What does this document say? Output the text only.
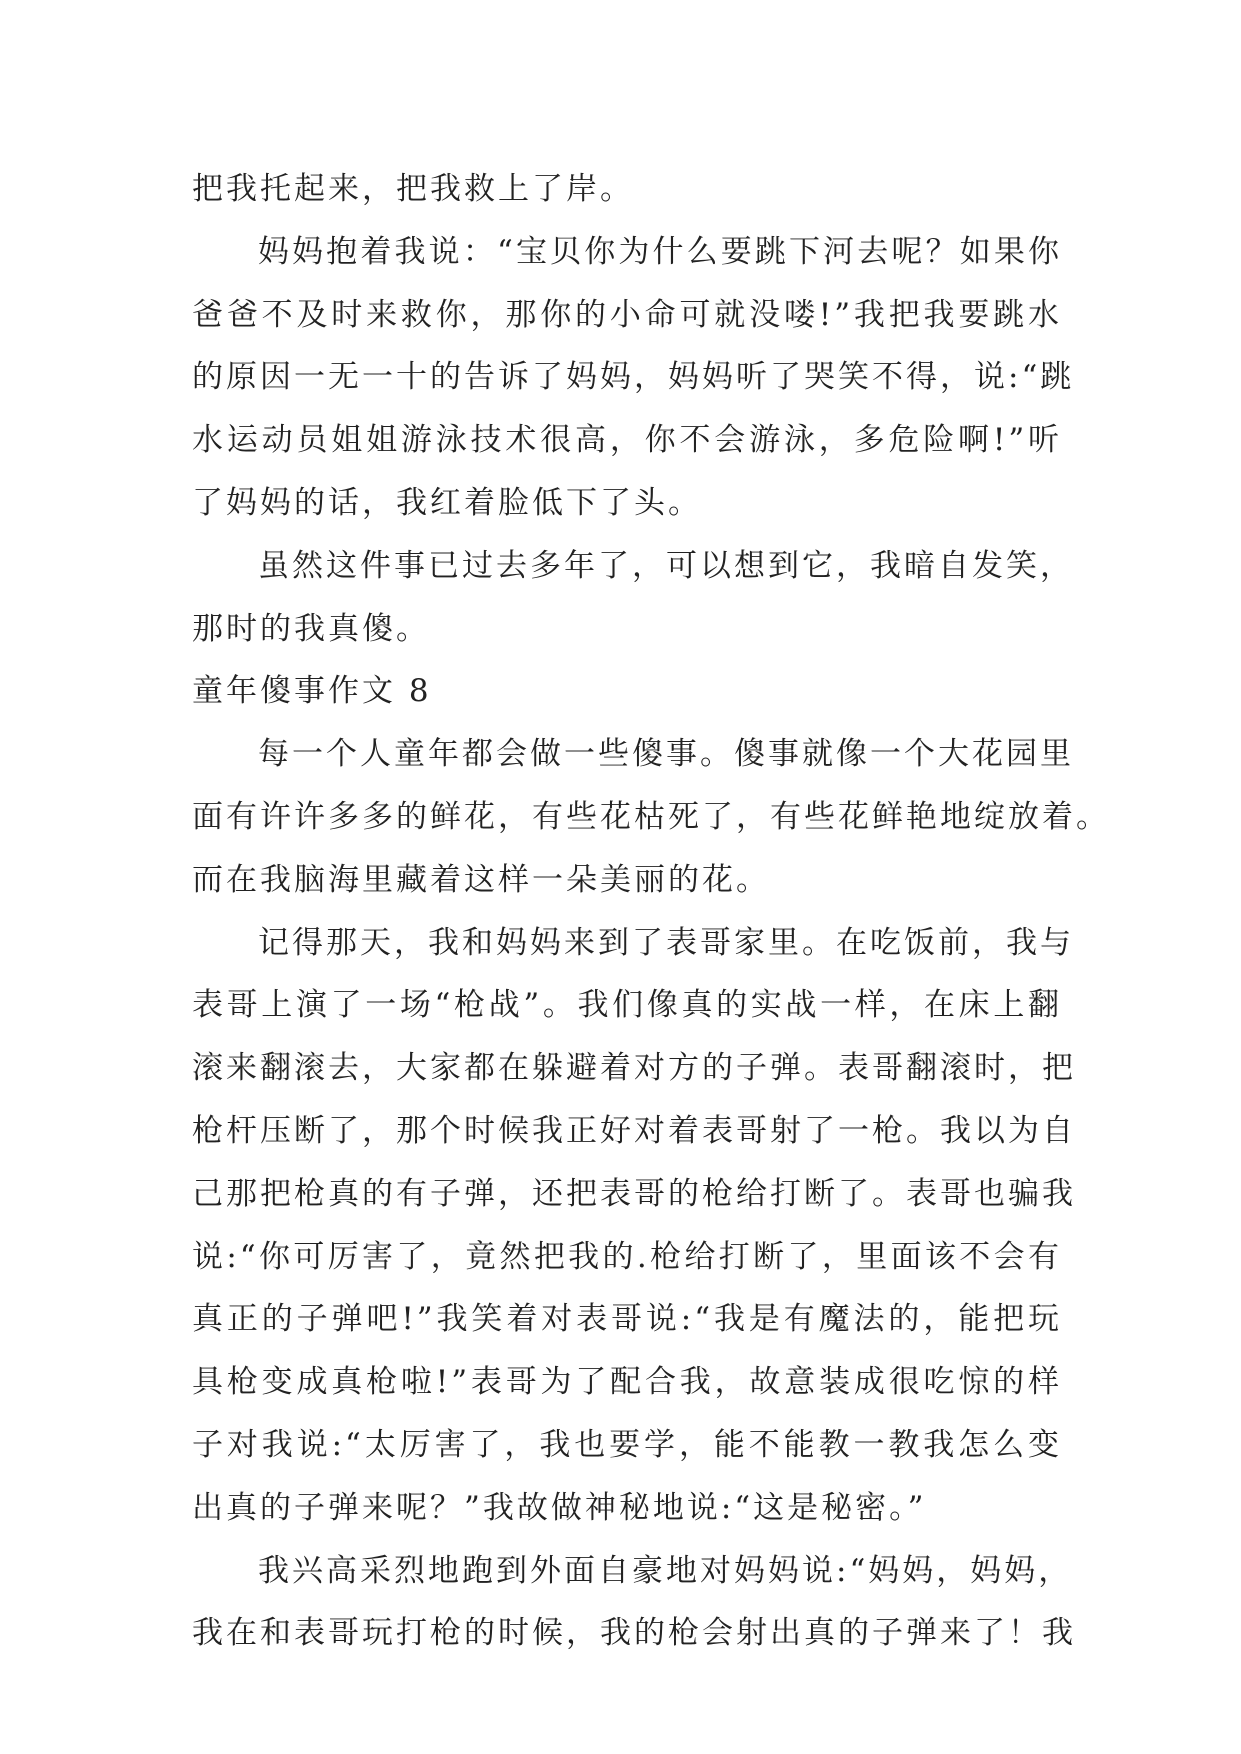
把我托起来，把我救上了岸。
妈妈抱着我说：“宝贝你为什么要跳下河去呢？如果你
爸爸不及时来救你，那你的小命可就没喽!”我把我要跳水
的原因一无一十的告诉了妈妈，妈妈听了哭笑不得，说:“跳
水运动员姐姐游泳技术很高，你不会游泳，多危险啊!”听
了妈妈的话，我红着脸低下了头。
虽然这件事已过去多年了，可以想到它，我暗自发笑，
那时的我真傻。
童年傻事作文 8
每一个人童年都会做一些傻事。傻事就像一个大花园里
面有许许多多的鲜花，有些花枯死了，有些花鲜艳地绽放着。
而在我脑海里藏着这样一朵美丽的花。
记得那天，我和妈妈来到了表哥家里。在吃饭前，我与
表哥上演了一场“枪战”。我们像真的实战一样，在床上翻
滚来翻滚去，大家都在躲避着对方的子弹。表哥翻滚时，把
枪杆压断了，那个时候我正好对着表哥射了一枪。我以为自
己那把枪真的有子弹，还把表哥的枪给打断了。表哥也骗我
说:“你可厉害了，竟然把我的.枪给打断了，里面该不会有
真正的子弹吧!”我笑着对表哥说:“我是有魔法的，能把玩
具枪变成真枪啦!”表哥为了配合我，故意装成很吃惊的样
子对我说:“太厉害了，我也要学，能不能教一教我怎么变
出真的子弹来呢？”我故做神秘地说:“这是秘密。”
我兴高采烈地跑到外面自豪地对妈妈说:“妈妈，妈妈，
我在和表哥玩打枪的时候，我的枪会射出真的子弹来了！我
